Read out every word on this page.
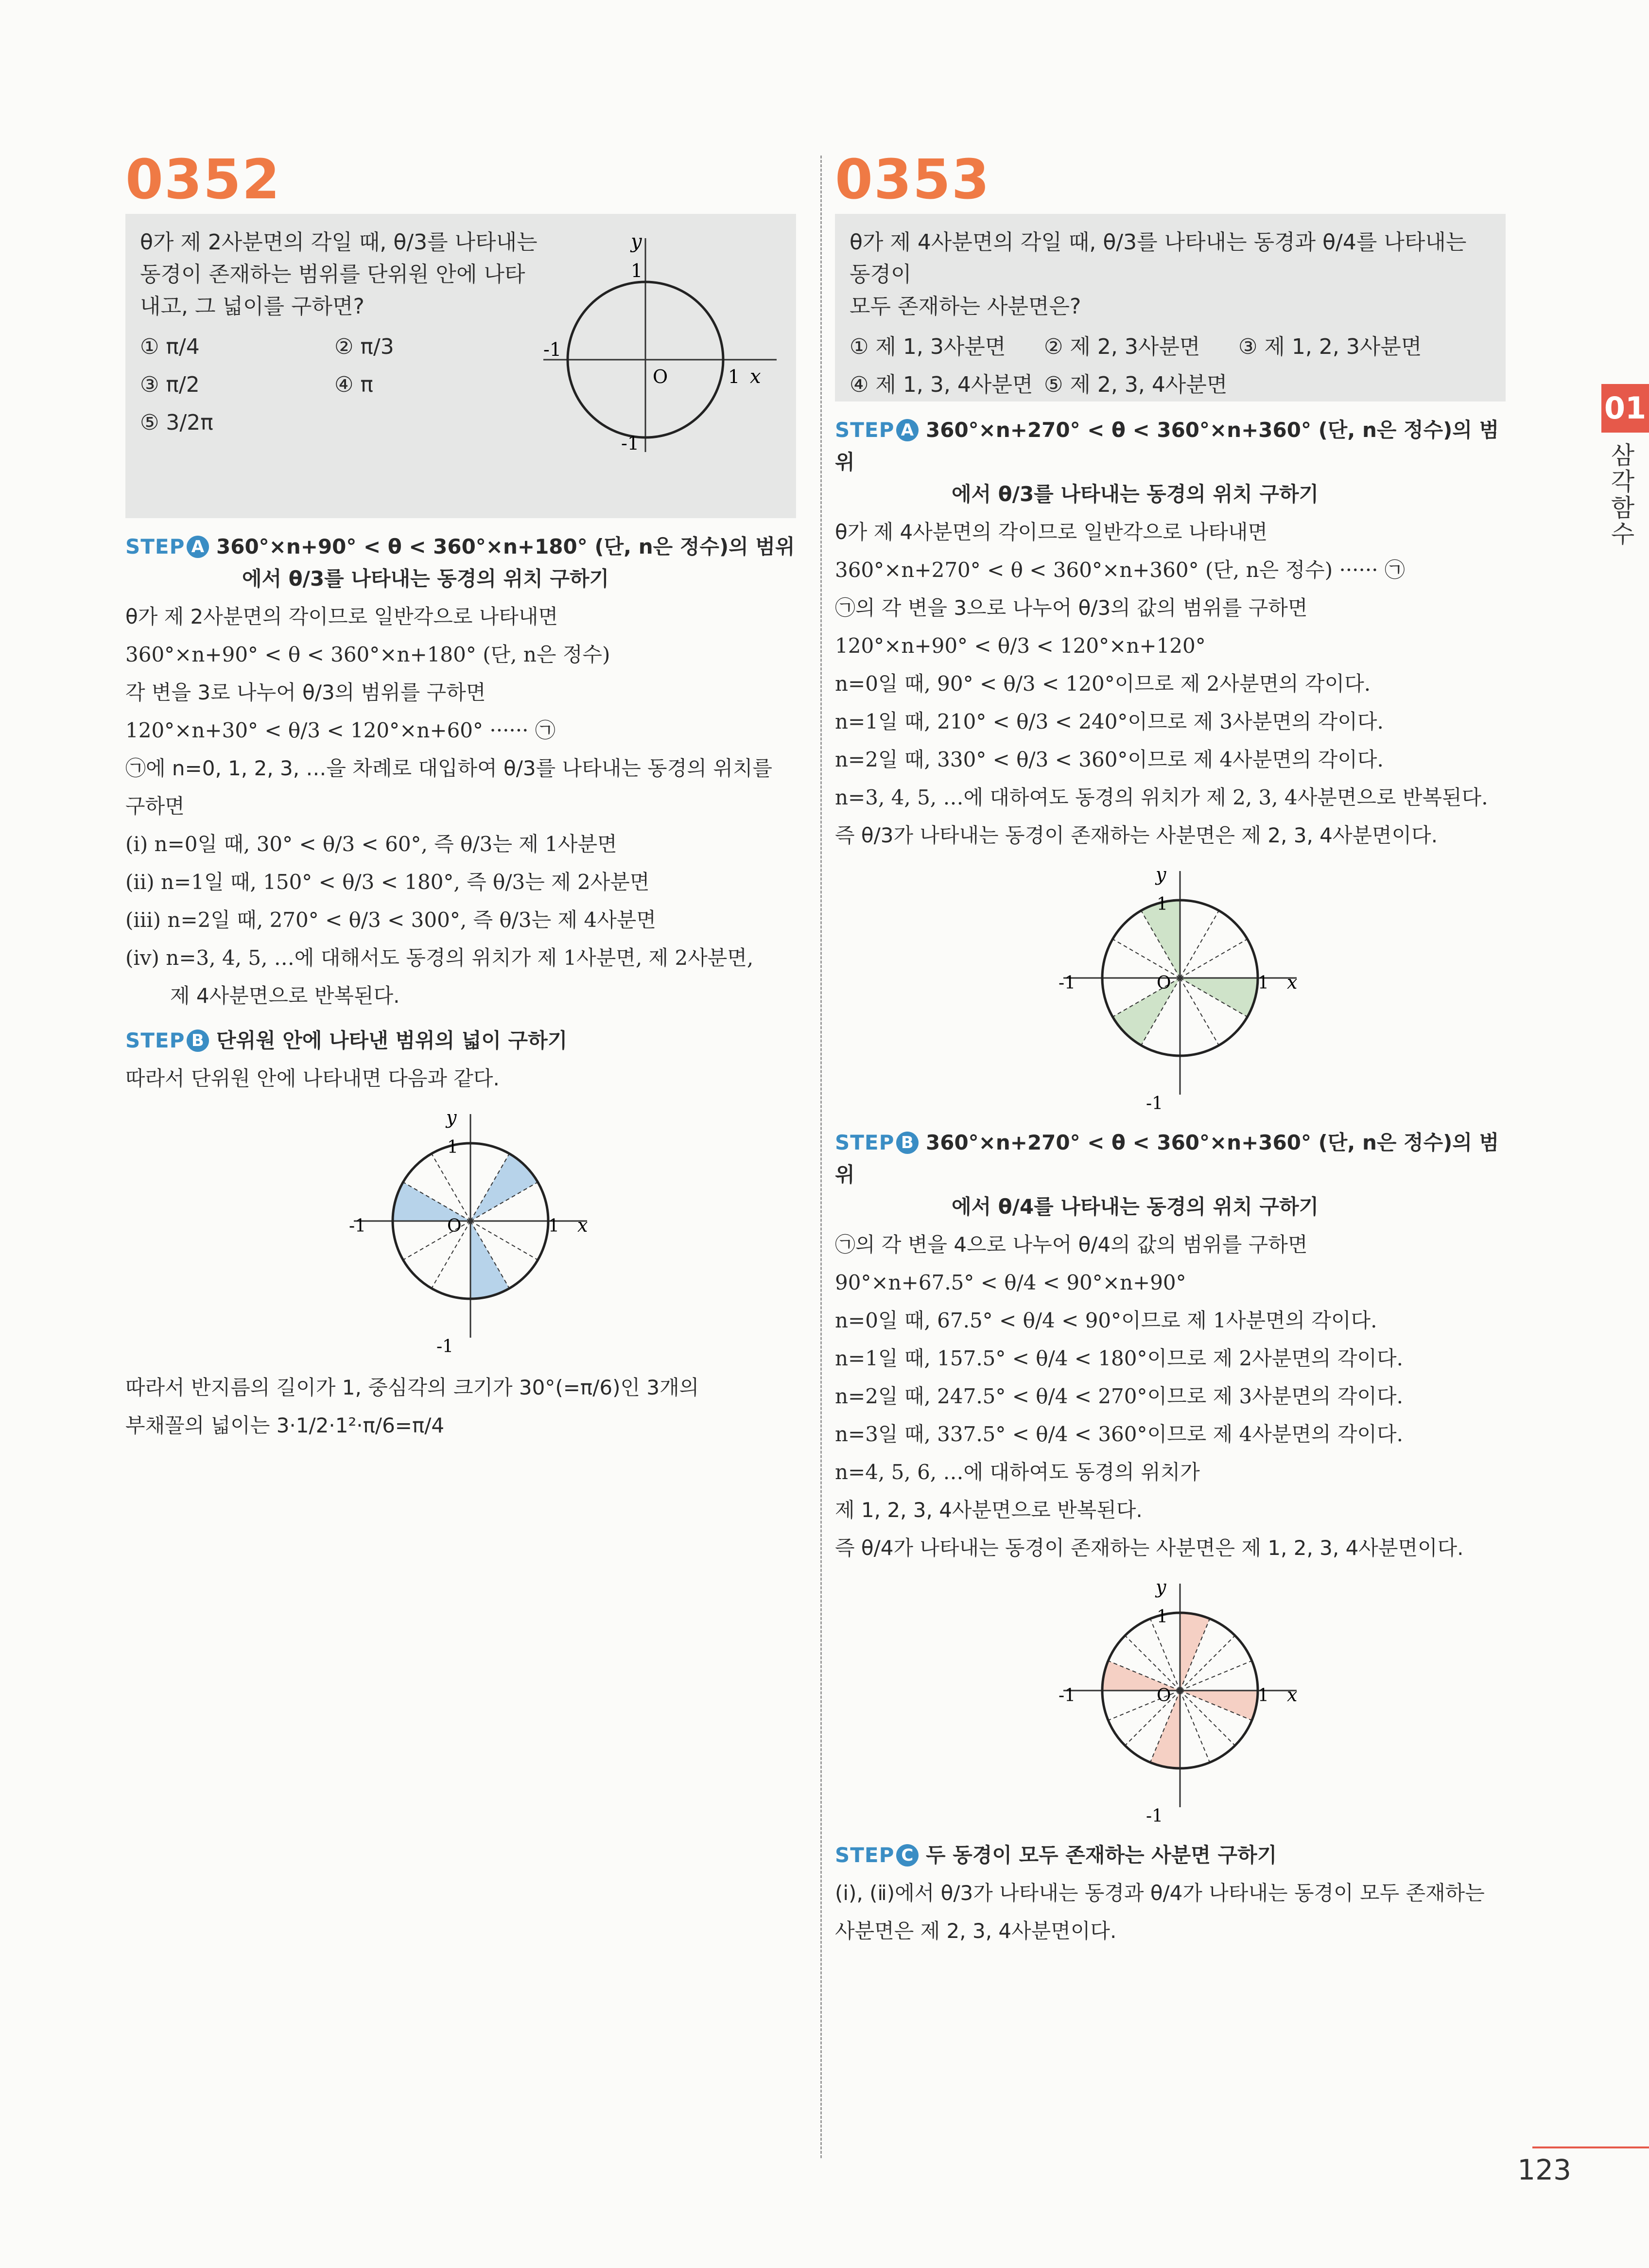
0352

θ가 제 2사분면의 각일 때, θ/3를 나타내는

동경이 존재하는 범위를 단위원 안에 나타

내고, 그 넓이를 구하면?

① π/4	② π/3
③ π/2	④ π
⑤ 3/2π
y
1
-1
O	1 x
-1
STEP A 360°×n+90° < θ < 360°×n+180° (단, n은 정수)의 범위
에서 θ/3를 나타내는 동경의 위치 구하기
θ가 제 2사분면의 각이므로 일반각으로 나타내면
360°×n+90° < θ < 360°×n+180° (단, n은 정수)
각 변을 3로 나누어 θ/3의 범위를 구하면
120°×n+30° < θ/3 < 120°×n+60° ······ ㉠
㉠에 n=0, 1, 2, 3, …을 차례로 대입하여 θ/3를 나타내는 동경의 위치를
구하면
(ⅰ) n=0일 때, 30° < θ/3 < 60°, 즉 θ/3는 제 1사분면
(ⅱ) n=1일 때, 150° < θ/3 < 180°, 즉 θ/3는 제 2사분면
(ⅲ) n=2일 때, 270° < θ/3 < 300°, 즉 θ/3는 제 4사분면
(ⅳ) n=3, 4, 5, …에 대해서도 동경의 위치가 제 1사분면, 제 2사분면,
제 4사분면으로 반복된다.
STEP B 단위원 안에 나타낸 범위의 넓이 구하기
따라서 단위원 안에 나타내면 다음과 같다.
y
1
-1	O	1 x
-1
따라서 반지름의 길이가 1, 중심각의 크기가 30°(=π/6)인 3개의
부채꼴의 넓이는 3·1/2·1²·π/6=π/4
0353

θ가 제 4사분면의 각일 때, θ/3를 나타내는 동경과 θ/4를 나타내는 동경이

모두 존재하는 사분면은?

① 제 1, 3사분면	② 제 2, 3사분면	③ 제 1, 2, 3사분면
④ 제 1, 3, 4사분면 ⑤ 제 2, 3, 4사분면
STEP A 360°×n+270° < θ < 360°×n+360° (단, n은 정수)의 범위
에서 θ/3를 나타내는 동경의 위치 구하기
θ가 제 4사분면의 각이므로 일반각으로 나타내면
360°×n+270° < θ < 360°×n+360° (단, n은 정수) ······ ㉠
㉠의 각 변을 3으로 나누어 θ/3의 값의 범위를 구하면
120°×n+90° < θ/3 < 120°×n+120°
n=0일 때, 90° < θ/3 < 120°이므로 제 2사분면의 각이다.
n=1일 때, 210° < θ/3 < 240°이므로 제 3사분면의 각이다.
n=2일 때, 330° < θ/3 < 360°이므로 제 4사분면의 각이다.
n=3, 4, 5, …에 대하여도 동경의 위치가 제 2, 3, 4사분면으로 반복된다.
즉 θ/3가 나타내는 동경이 존재하는 사분면은 제 2, 3, 4사분면이다.
y
1
-1	O	1 x
-1
STEP B 360°×n+270° < θ < 360°×n+360° (단, n은 정수)의 범위
에서 θ/4를 나타내는 동경의 위치 구하기
㉠의 각 변을 4으로 나누어 θ/4의 값의 범위를 구하면
90°×n+67.5° < θ/4 < 90°×n+90°
n=0일 때, 67.5° < θ/4 < 90°이므로 제 1사분면의 각이다.
n=1일 때, 157.5° < θ/4 < 180°이므로 제 2사분면의 각이다.
n=2일 때, 247.5° < θ/4 < 270°이므로 제 3사분면의 각이다.
n=3일 때, 337.5° < θ/4 < 360°이므로 제 4사분면의 각이다.
n=4, 5, 6, …에 대하여도 동경의 위치가
제 1, 2, 3, 4사분면으로 반복된다.
즉 θ/4가 나타내는 동경이 존재하는 사분면은 제 1, 2, 3, 4사분면이다.
y
1
-1	O	1 x
-1
STEP C 두 동경이 모두 존재하는 사분면 구하기
(ⅰ), (ⅱ)에서 θ/3가 나타내는 동경과 θ/4가 나타내는 동경이 모두 존재하는
사분면은 제 2, 3, 4사분면이다.
01
삼각함수
123
